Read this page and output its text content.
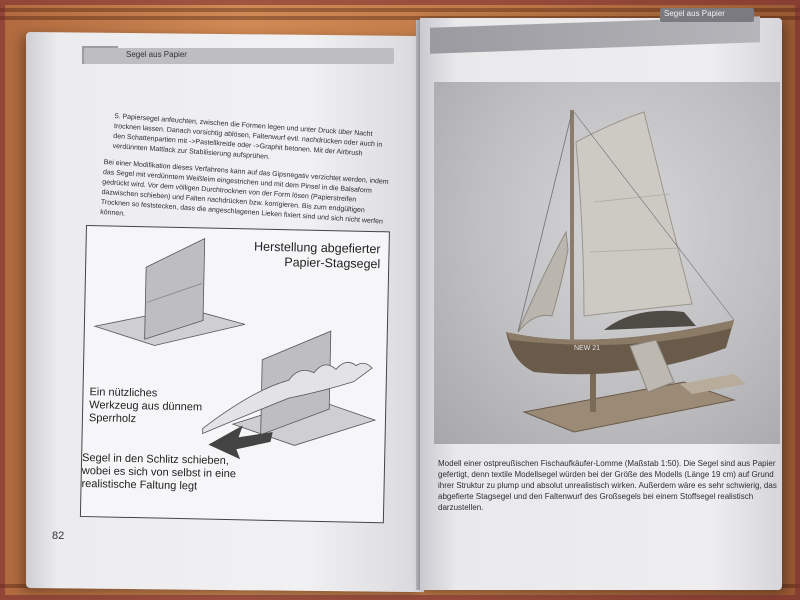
Segel aus Papier
5. Papiersegel anfeuchten, zwischen die Formen legen und unter Druck über Nacht trocknen lassen. Danach vorsichtig ablösen, Faltenwurf evtl. nachdrücken oder auch in den Schattenpartien mit ->Pastellkreide oder ->Graphit betonen. Mit der Airbrush verdünnten Mattlack zur Stabilisierung aufsprühen.
Bei einer Modifikation dieses Verfahrens kann auf das Gipsnegativ verzichtet werden, indem das Segel mit verdünntem Weißleim eingestrichen und mit dem Pinsel in die Balsaform gedrückt wird. Vor dem völligen Durchtrocknen von der Form lösen (Papierstreifen dazwischen schieben) und Falten nachdrücken bzw. korrigieren. Bis zum endgültigen Trocknen so feststecken, dass die angeschlagenen Lieken fixiert sind und sich nicht werfen können.
Herstellung abgefierter Papier-Stagsegel
Ein nützliches Werkzeug aus dünnem Sperrholz
Segel in den Schlitz schieben, wobei es sich von selbst in eine realistische Faltung legt
82
Segel aus Papier
NEW 21
Modell einer ostpreußischen Fischaufkäufer-Lomme (Maßstab 1:50). Die Segel sind aus Papier gefertigt, denn textile Modellsegel würden bei der Größe des Modells (Länge 19 cm) auf Grund ihrer Struktur zu plump und absolut unrealistisch wirken. Außerdem wäre es sehr schwierig, das abgefierte Stagsegel und den Faltenwurf des Großsegels bei einem Stoffsegel realistisch darzustellen.
